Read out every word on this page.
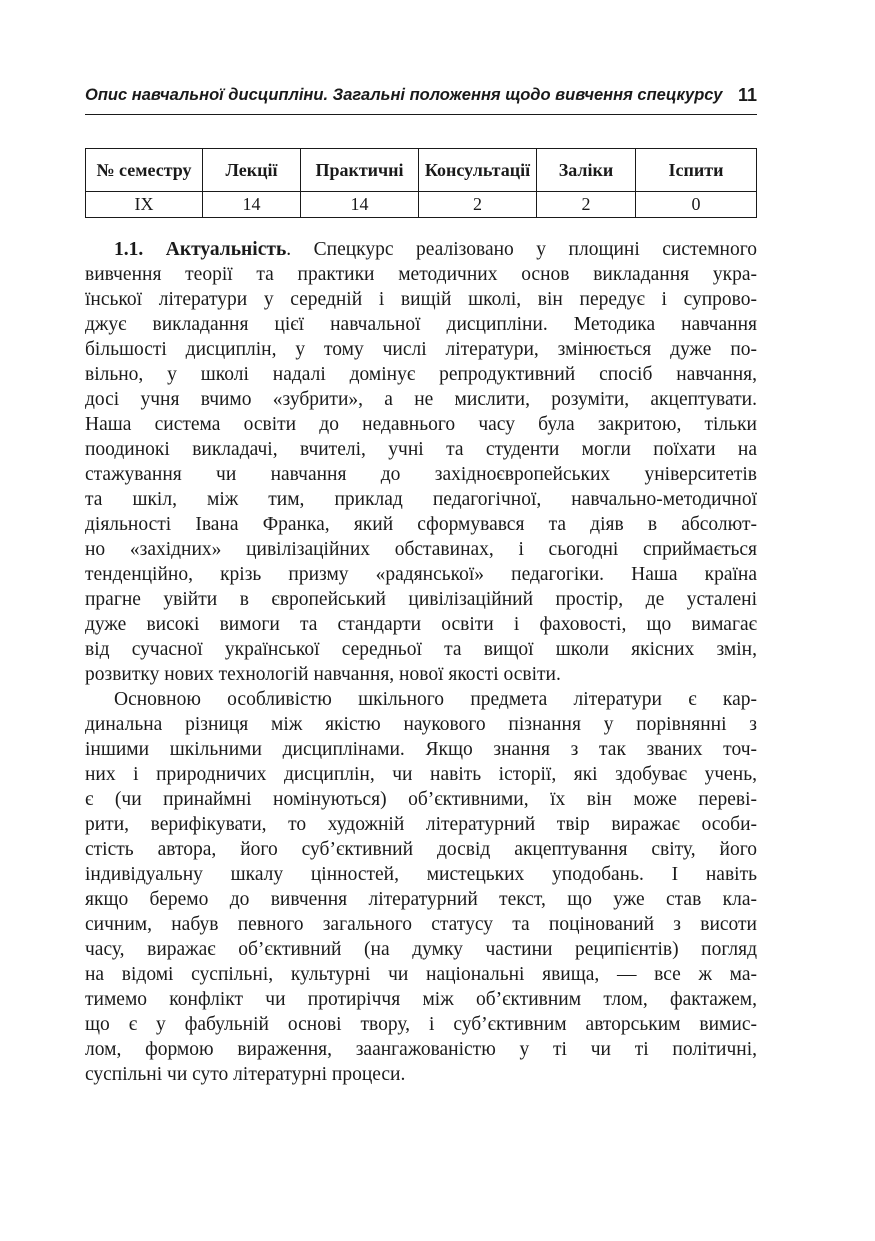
Опис навчальної дисципліни. Загальні положення щодо вивчення спецкурсу 11
№ семестру	Лекції	Практичні	Консультації	Заліки	Іспити
IX	14	14	2	2	0
1.1. Актуальність. Спецкурс реалізовано у площині системного
вивчення теорії та практики методичних основ викладання укра-
їнської літератури у середній і вищій школі, він передує і супрово-
джує викладання цієї навчальної дисципліни. Методика навчання
більшості дисциплін, у тому числі літератури, змінюється дуже по-
вільно, у школі надалі домінує репродуктивний спосіб навчання,
досі учня вчимо «зубрити», а не мислити, розуміти, акцептувати.
Наша система освіти до недавнього часу була закритою, тільки
поодинокі викладачі, вчителі, учні та студенти могли поїхати на
стажування чи навчання до західноєвропейських університетів
та шкіл, між тим, приклад педагогічної, навчально-методичної
діяльності Івана Франка, який сформувався та діяв в абсолют-
но «західних» цивілізаційних обставинах, і сьогодні сприймається
тенденційно, крізь призму «радянської» педагогіки. Наша країна
прагне увійти в європейський цивілізаційний простір, де усталені
дуже високі вимоги та стандарти освіти і фаховості, що вимагає
від сучасної української середньої та вищої школи якісних змін,
розвитку нових технологій навчання, нової якості освіти.
Основною особливістю шкільного предмета літератури є кар-
динальна різниця між якістю наукового пізнання у порівнянні з
іншими шкільними дисциплінами. Якщо знання з так званих точ-
них і природничих дисциплін, чи навіть історії, які здобуває учень,
є (чи принаймні номінуються) об’єктивними, їх він може переві-
рити, верифікувати, то художній літературний твір виражає особи-
стість автора, його суб’єктивний досвід акцептування світу, його
індивідуальну шкалу цінностей, мистецьких уподобань. І навіть
якщо беремо до вивчення літературний текст, що уже став кла-
сичним, набув певного загального статусу та поцінований з висоти
часу, виражає об’єктивний (на думку частини реципієнтів) погляд
на відомі суспільні, культурні чи національні явища, — все ж ма-
тимемо конфлікт чи протиріччя між об’єктивним тлом, фактажем,
що є у фабульній основі твору, і суб’єктивним авторським вимис-
лом, формою вираження, заангажованістю у ті чи ті політичні,
суспільні чи суто літературні процеси.
